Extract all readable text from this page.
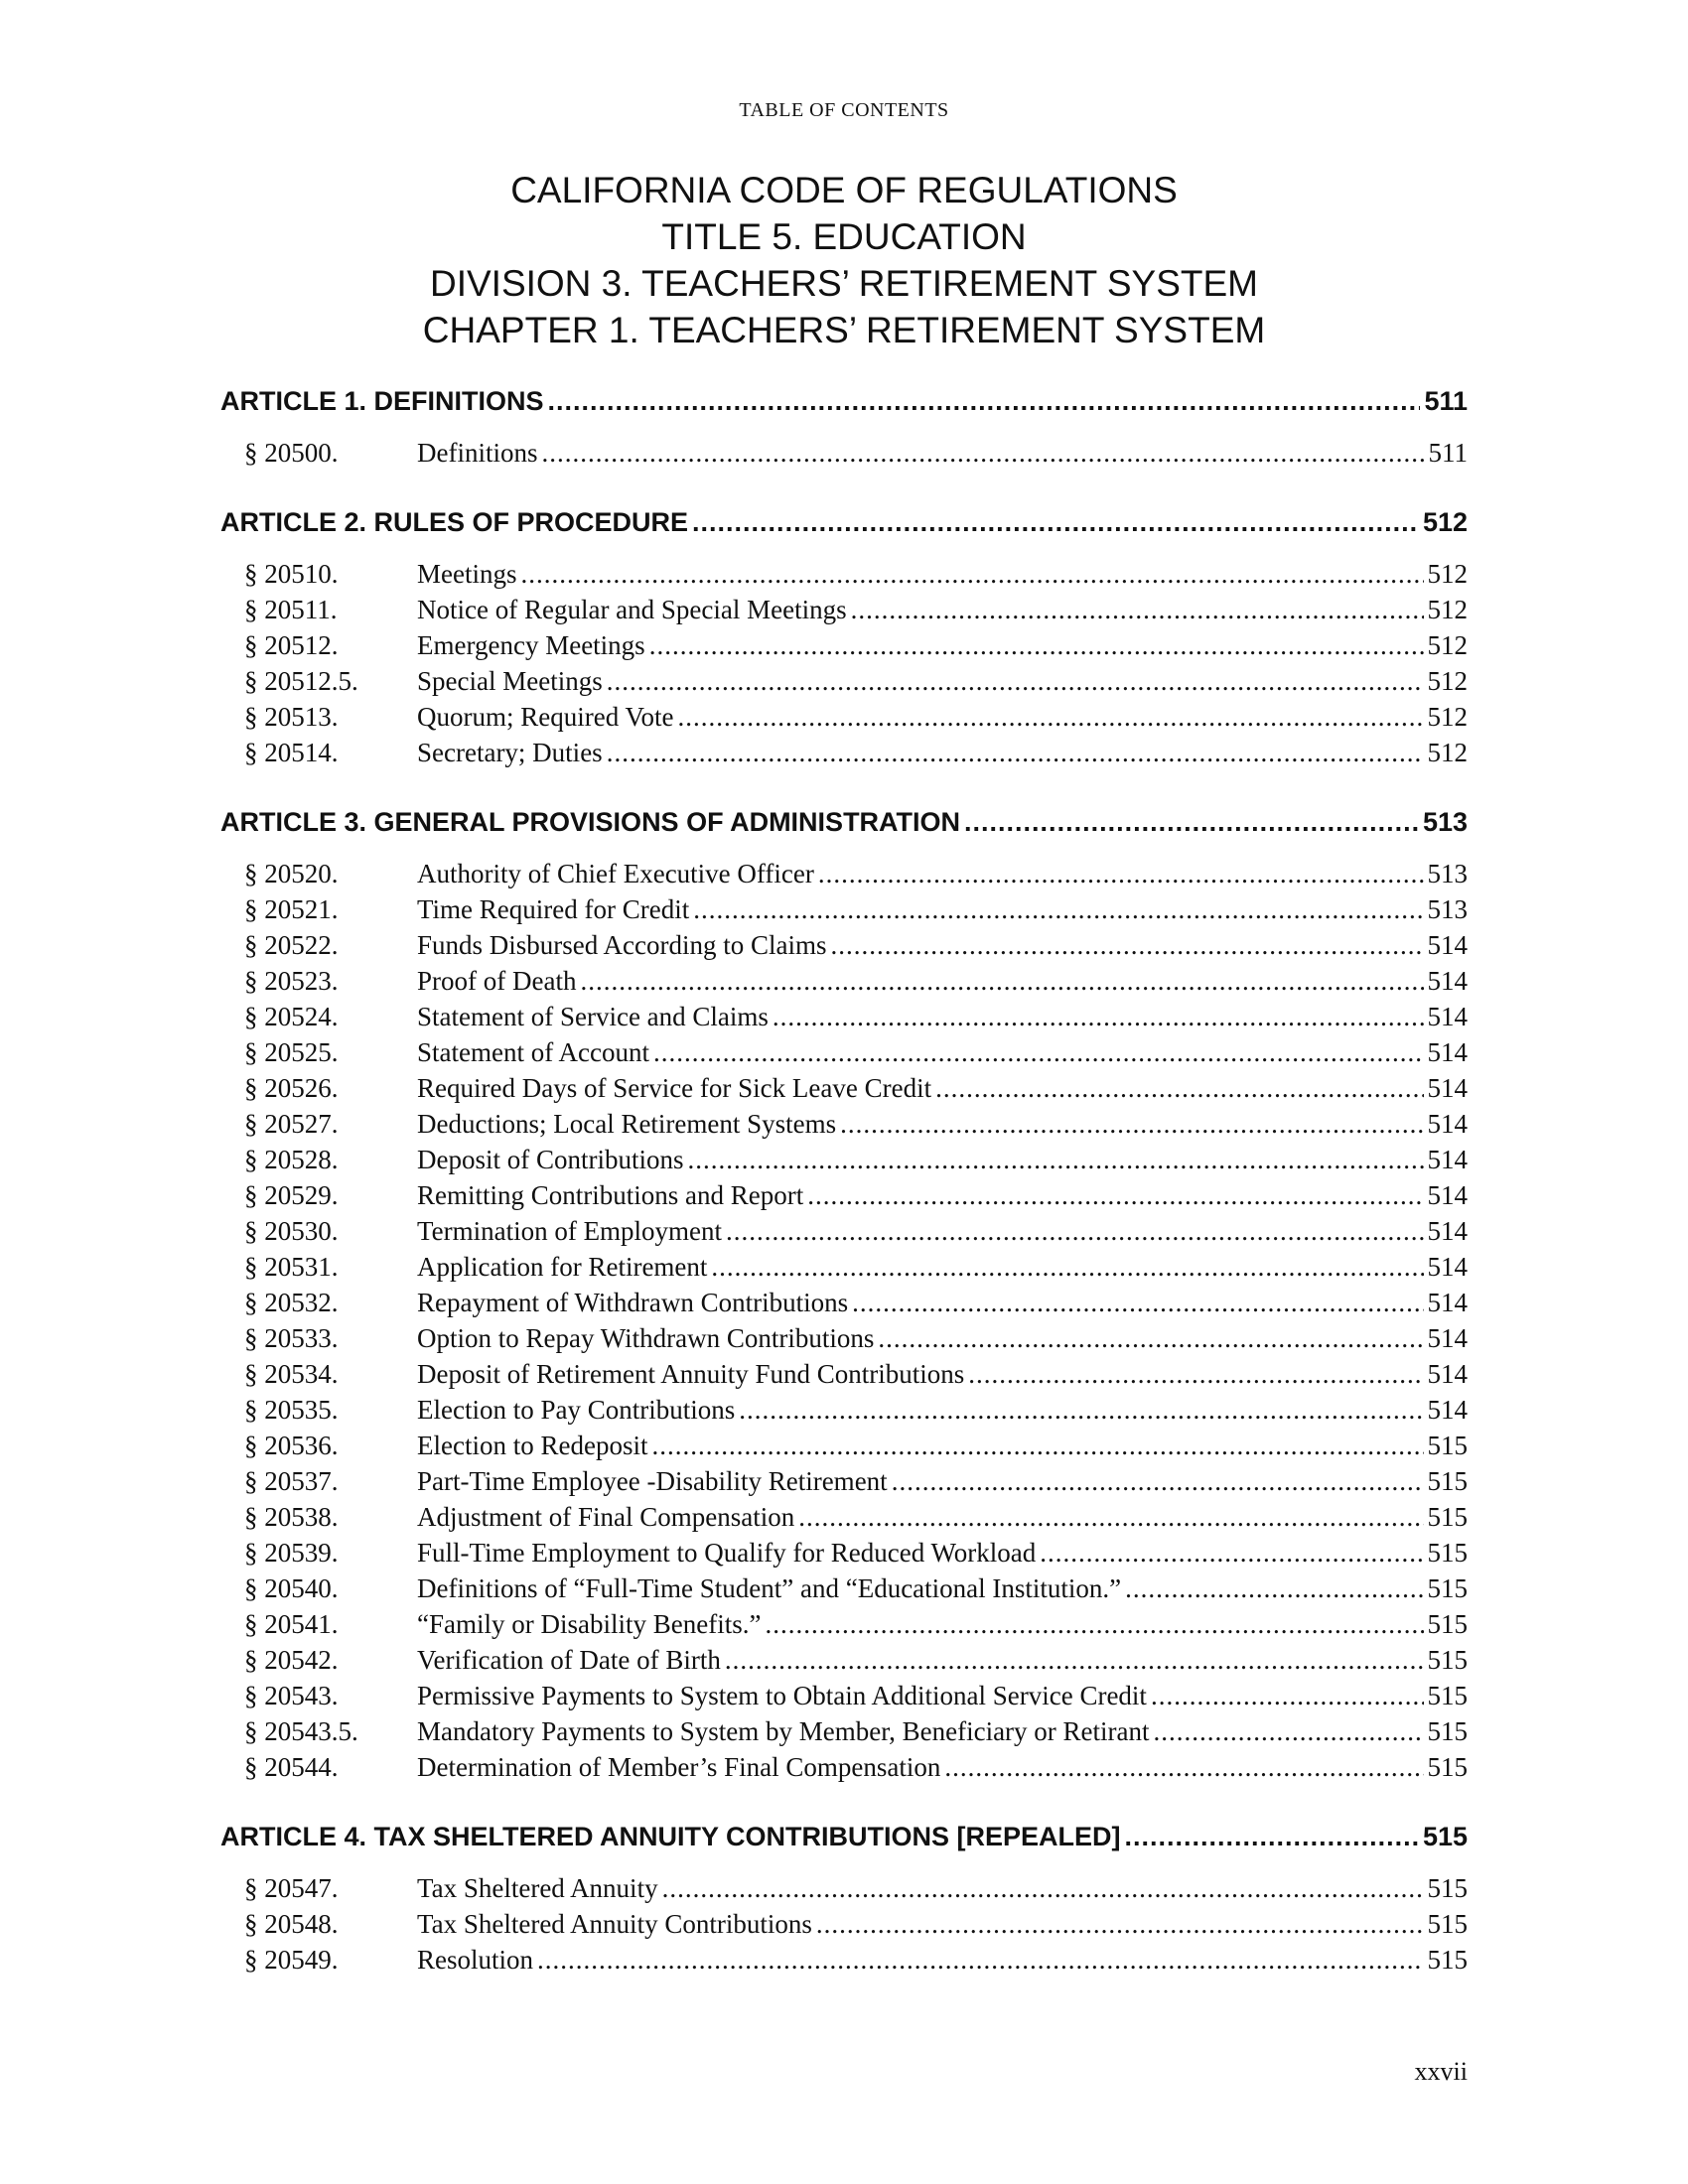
TABLE OF CONTENTS
CALIFORNIA CODE OF REGULATIONS
TITLE 5. EDUCATION
DIVISION 3. TEACHERS’ RETIREMENT SYSTEM
CHAPTER 1. TEACHERS’ RETIREMENT SYSTEM
ARTICLE 1. DEFINITIONS .....	511
§ 20500.	Definitions .....	511
ARTICLE 2. RULES OF PROCEDURE .....	512
§ 20510.	Meetings .....	512
§ 20511.	Notice of Regular and Special Meetings .....	512
§ 20512.	Emergency Meetings .....	512
§ 20512.5.	Special Meetings .....	512
§ 20513.	Quorum; Required Vote .....	512
§ 20514.	Secretary; Duties .....	512
ARTICLE 3. GENERAL PROVISIONS OF ADMINISTRATION .....	513
§ 20520.	Authority of Chief Executive Officer .....	513
§ 20521.	Time Required for Credit .....	513
§ 20522.	Funds Disbursed According to Claims .....	514
§ 20523.	Proof of Death .....	514
§ 20524.	Statement of Service and Claims .....	514
§ 20525.	Statement of Account .....	514
§ 20526.	Required Days of Service for Sick Leave Credit .....	514
§ 20527.	Deductions; Local Retirement Systems .....	514
§ 20528.	Deposit of Contributions .....	514
§ 20529.	Remitting Contributions and Report .....	514
§ 20530.	Termination of Employment .....	514
§ 20531.	Application for Retirement .....	514
§ 20532.	Repayment of Withdrawn Contributions .....	514
§ 20533.	Option to Repay Withdrawn Contributions .....	514
§ 20534.	Deposit of Retirement Annuity Fund Contributions .....	514
§ 20535.	Election to Pay Contributions .....	514
§ 20536.	Election to Redeposit .....	515
§ 20537.	Part-Time Employee -Disability Retirement .....	515
§ 20538.	Adjustment of Final Compensation .....	515
§ 20539.	Full-Time Employment to Qualify for Reduced Workload .....	515
§ 20540.	Definitions of “Full-Time Student” and “Educational Institution.” .....	515
§ 20541.	“Family or Disability Benefits.” .....	515
§ 20542.	Verification of Date of Birth .....	515
§ 20543.	Permissive Payments to System to Obtain Additional Service Credit .....	515
§ 20543.5.	Mandatory Payments to System by Member, Beneficiary or Retirant .....	515
§ 20544.	Determination of Member’s Final Compensation .....	515
ARTICLE 4. TAX SHELTERED ANNUITY CONTRIBUTIONS [REPEALED] .....	515
§ 20547.	Tax Sheltered Annuity .....	515
§ 20548.	Tax Sheltered Annuity Contributions .....	515
§ 20549.	Resolution .....	515
xxvii
